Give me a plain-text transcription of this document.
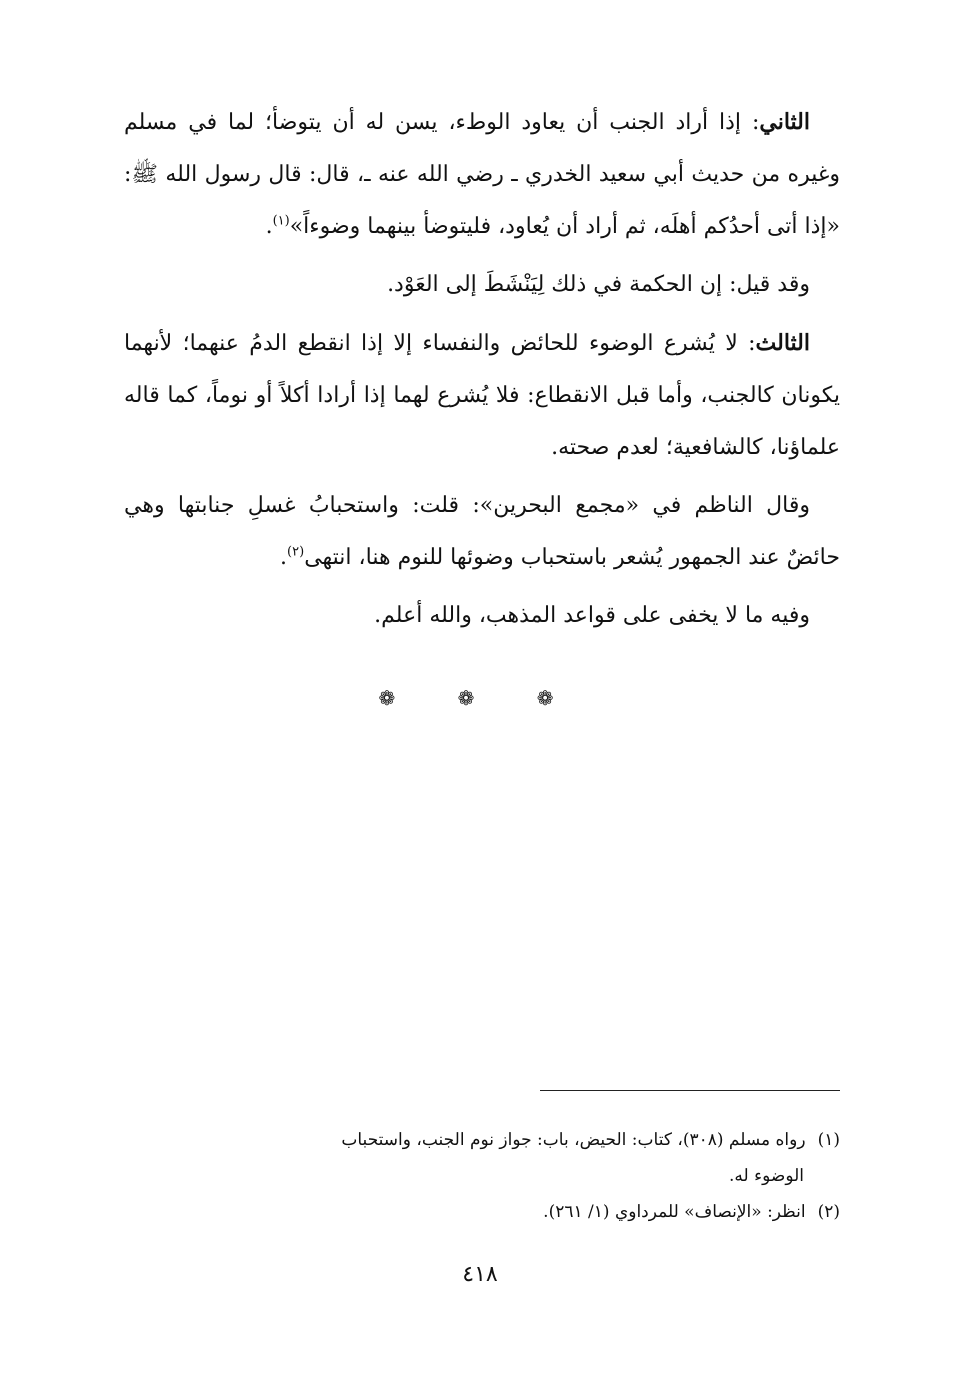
الثاني: إذا أراد الجنب أن يعاود الوطء، يسن له أن يتوضأ؛ لما في مسلم وغيره من حديث أبي سعيد الخدري ـ رضي الله عنه ـ، قال: قال رسول الله ﷺ: «إذا أتى أحدُكم أهلَه، ثم أراد أن يُعاود، فليتوضأ بينهما وضوءاً»$^{(١)}$.

وقد قيل: إن الحكمة في ذلك لِيَنْشَطَ إلى العَوْد.

الثالث: لا يُشرع الوضوء للحائض والنفساء إلا إذا انقطع الدمُ عنهما؛ لأنهما يكونان كالجنب، وأما قبل الانقطاع: فلا يُشرع لهما إذا أرادا أكلاً أو نوماً، كما قاله علماؤنا، كالشافعية؛ لعدم صحته.

وقال الناظم في «مجمع البحرين»: قلت: واستحبابُ غسلِ جنابتها وهي حائضٌ عند الجمهور يُشعر باستحباب وضوئها للنوم هنا، انتهى$^{(٢)}$.

وفيه ما لا يخفى على قواعد المذهب، والله أعلم.

❁ ❁ ❁

(١)رواه مسلم (٣٠٨)، كتاب: الحيض، باب: جواز نوم الجنب، واستحباب

الوضوء له.

(٢)انظر: «الإنصاف» للمرداوي (١/ ٢٦١).

٤١٨
